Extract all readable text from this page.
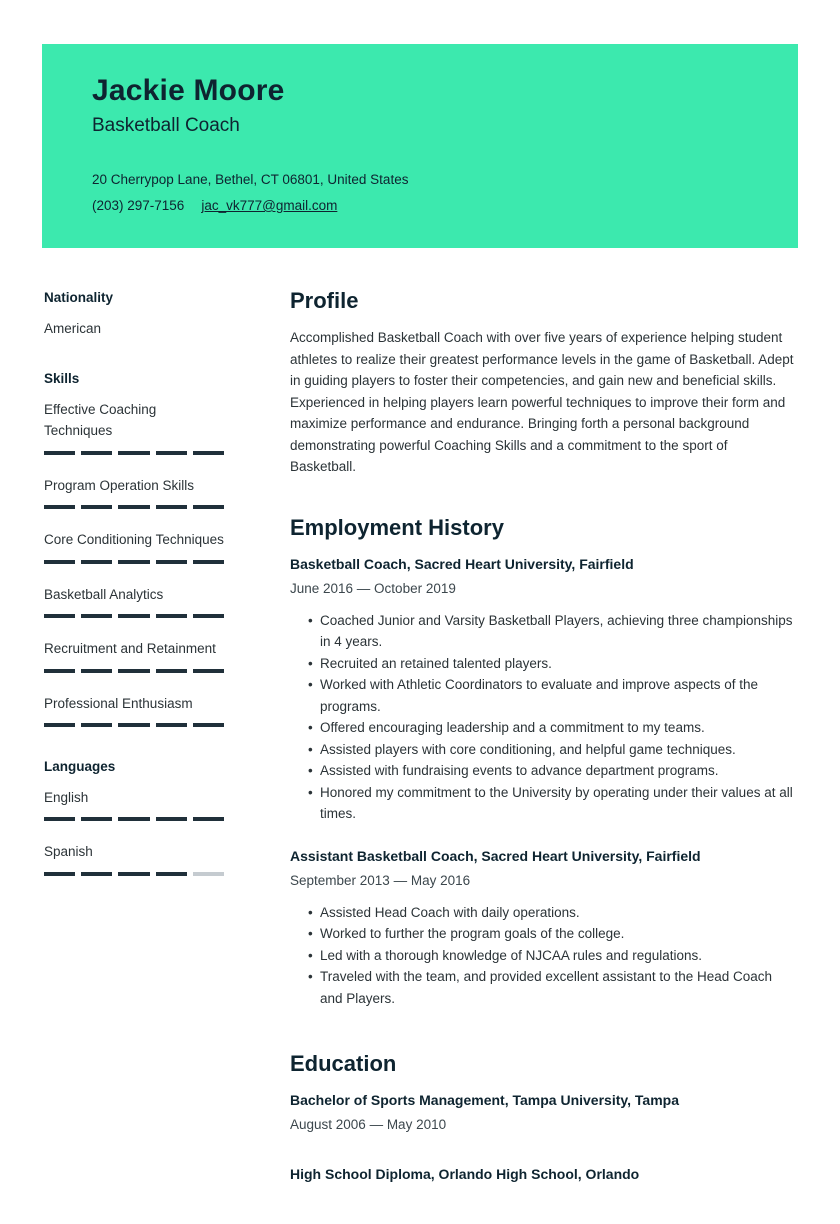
Jackie Moore
Basketball Coach
20 Cherrypop Lane, Bethel, CT 06801, United States
(203) 297-7156 jac_vk777@gmail.com
Nationality
American
Skills
Effective Coaching Techniques
Program Operation Skills
Core Conditioning Techniques
Basketball Analytics
Recruitment and Retainment
Professional Enthusiasm
Languages
English
Spanish
Profile

Accomplished Basketball Coach with over five years of experience helping student athletes to realize their greatest performance levels in the game of Basketball. Adept in guiding players to foster their competencies, and gain new and beneficial skills. Experienced in helping players learn powerful techniques to improve their form and maximize performance and endurance. Bringing forth a personal background demonstrating powerful Coaching Skills and a commitment to the sport of Basketball.

Employment History
Basketball Coach, Sacred Heart University, Fairfield
June 2016 — October 2019
• Coached Junior and Varsity Basketball Players, achieving three championships in 4 years.
• Recruited an retained talented players.
• Worked with Athletic Coordinators to evaluate and improve aspects of the programs.
• Offered encouraging leadership and a commitment to my teams.
• Assisted players with core conditioning, and helpful game techniques.
• Assisted with fundraising events to advance department programs.
• Honored my commitment to the University by operating under their values at all times.
Assistant Basketball Coach, Sacred Heart University, Fairfield
September 2013 — May 2016
• Assisted Head Coach with daily operations.
• Worked to further the program goals of the college.
• Led with a thorough knowledge of NJCAA rules and regulations.
• Traveled with the team, and provided excellent assistant to the Head Coach and Players.
Education
Bachelor of Sports Management, Tampa University, Tampa
August 2006 — May 2010
High School Diploma, Orlando High School, Orlando
